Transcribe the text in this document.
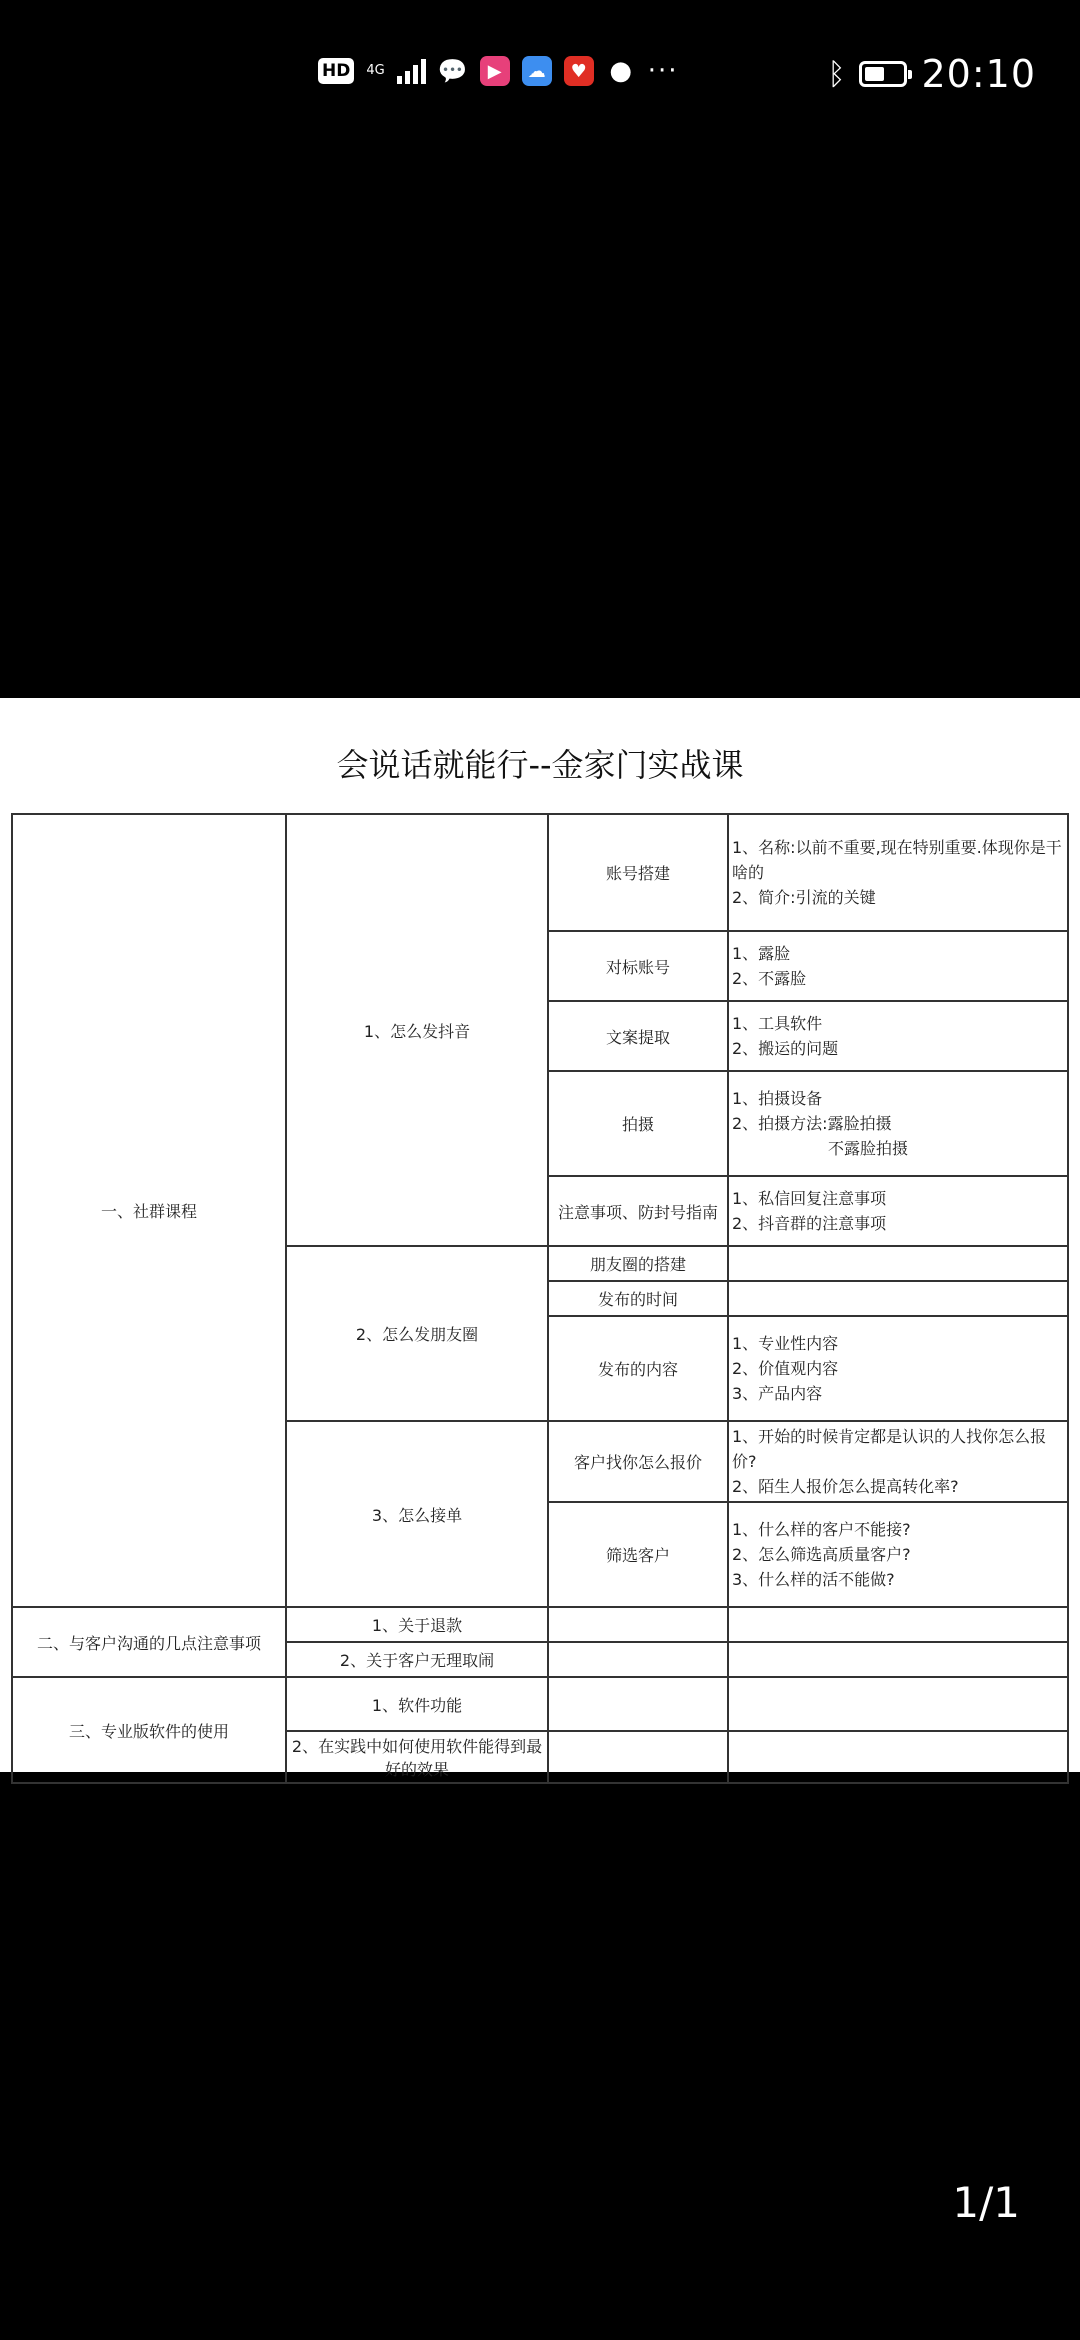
HD	4G 💬	▶	☁	♥ ● ···	ᛒ 20:10
会说话就能行--金家门实战课
一、社群课程	1、怎么发抖音	账号搭建	1、名称:以前不重要,现在特别重要.体现你是干啥的
2、简介:引流的关键

		对标账号	1、露脸
2、不露脸

		文案提取	1、工具软件
2、搬运的问题

		拍摄	1、拍摄设备
2、拍摄方法:露脸拍摄
不露脸拍摄

		注意事项、防封号指南	1、私信回复注意事项
2、抖音群的注意事项

	2、怎么发朋友圈	朋友圈的搭建	
		发布的时间	
		发布的内容	1、专业性内容
2、价值观内容
3、产品内容

	3、怎么接单	客户找你怎么报价	1、开始的时候肯定都是认识的人找你怎么报价?
2、陌生人报价怎么提高转化率?

		筛选客户	1、什么样的客户不能接?
2、怎么筛选高质量客户?
3、什么样的活不能做?

二、与客户沟通的几点注意事项	1、关于退款		
	2、关于客户无理取闹		
三、专业版软件的使用	1、软件功能		
	2、在实践中如何使用软件能得到最好的效果		
1/1
